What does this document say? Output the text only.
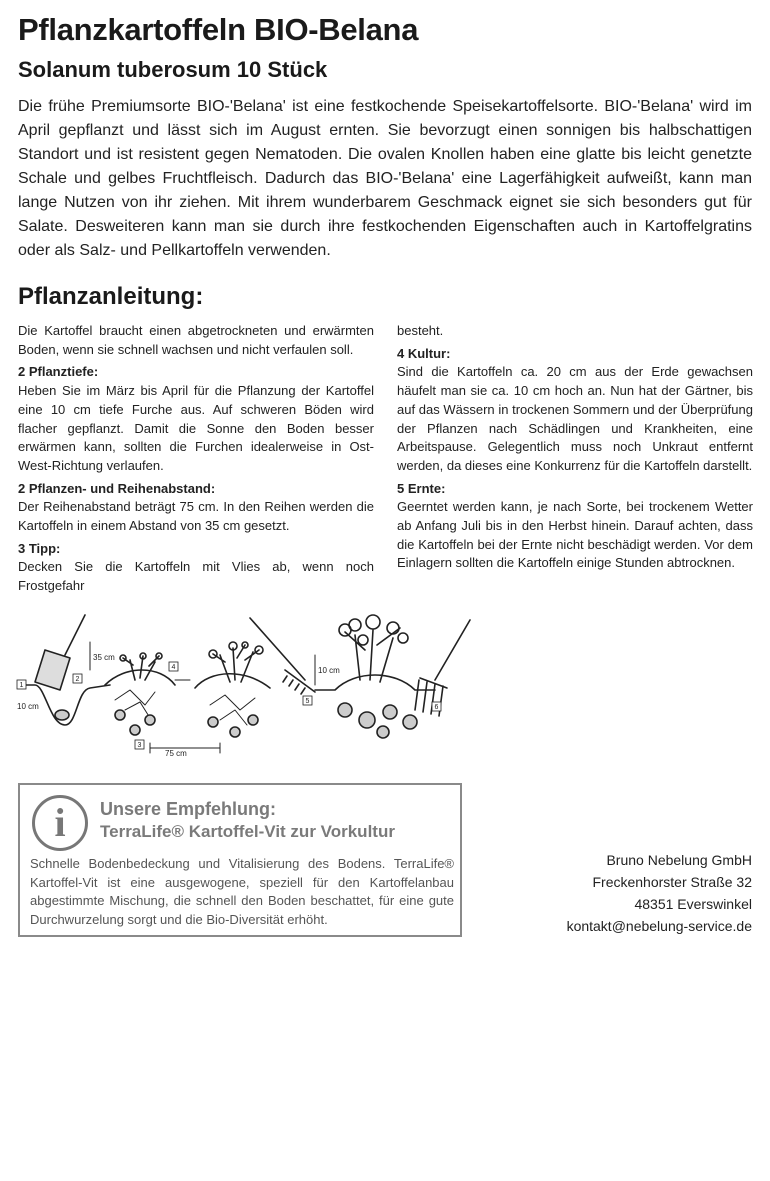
Pflanzkartoffeln BIO-Belana
Solanum tuberosum 10 Stück
Die frühe Premiumsorte BIO-'Belana' ist eine festkochende Speisekartoffelsorte. BIO-'Belana' wird im April gepflanzt und lässt sich im August ernten. Sie bevorzugt einen sonnigen bis halbschattigen Standort und ist resistent gegen Nematoden. Die ovalen Knollen haben eine glatte bis leicht genetzte Schale und gelbes Fruchtfleisch. Dadurch das BIO-'Belana' eine Lagerfähigkeit aufweißt, kann man lange Nutzen von ihr ziehen. Mit ihrem wunderbarem Geschmack eignet sie sich besonders gut für Salate. Desweiteren kann man sie durch ihre festkochenden Eigenschaften auch in Kartoffelgratins oder als Salz- und Pellkartoffeln verwenden.
Pflanzanleitung:

Die Kartoffel braucht einen abgetrockneten und erwärmten Boden, wenn sie schnell wachsen und nicht verfaulen soll.

2 Pflanztiefe:

Heben Sie im März bis April für die Pflanzung der Kartoffel eine 10 cm tiefe Furche aus. Auf schweren Böden wird flacher gepflanzt. Damit die Sonne den Boden besser erwärmen kann, sollten die Furchen idealerweise in Ost-West-Richtung verlaufen.

2 Pflanzen- und Reihenabstand:

Der Reihenabstand beträgt 75 cm. In den Reihen werden die Kartoffeln in einem Abstand von 35 cm gesetzt.

3 Tipp:

Decken Sie die Kartoffeln mit Vlies ab, wenn noch Frostgefahr

besteht.

4 Kultur:

Sind die Kartoffeln ca. 20 cm aus der Erde gewachsen häufelt man sie ca. 10 cm hoch an. Nun hat der Gärtner, bis auf das Wässern in trockenen Sommern und der Überprüfung der Pflanzen nach Schädlingen und Krankheiten, eine Arbeitspause. Gelegentlich muss noch Unkraut entfernt werden, da dieses eine Konkurrenz für die Kartoffeln darstellt.

5 Ernte:

Geerntet werden kann, je nach Sorte, bei trockenem Wetter ab Anfang Juli bis in den Herbst hinein. Darauf achten, dass die Kartoffeln bei der Ernte nicht beschädigt werden. Vor dem Einlagern sollten die Kartoffeln einige Stunden abtrocknen.

10 cm
35 cm
75 cm
10 cm
1
2
3
4
5
6
i	Unsere Empfehlung:
TerraLife® Kartoffel-Vit zur Vorkultur
Schnelle Bodenbedeckung und Vitalisierung des Bodens. TerraLife® Kartoffel-Vit ist eine ausgewogene, speziell für den Kartoffelanbau abgestimmte Mischung, die schnell den Boden beschattet, für eine gute Durchwurzelung sorgt und die Bio-Diversität erhöht.
Bruno Nebelung GmbH
Freckenhorster Straße 32
48351 Everswinkel
kontakt@nebelung-service.de
